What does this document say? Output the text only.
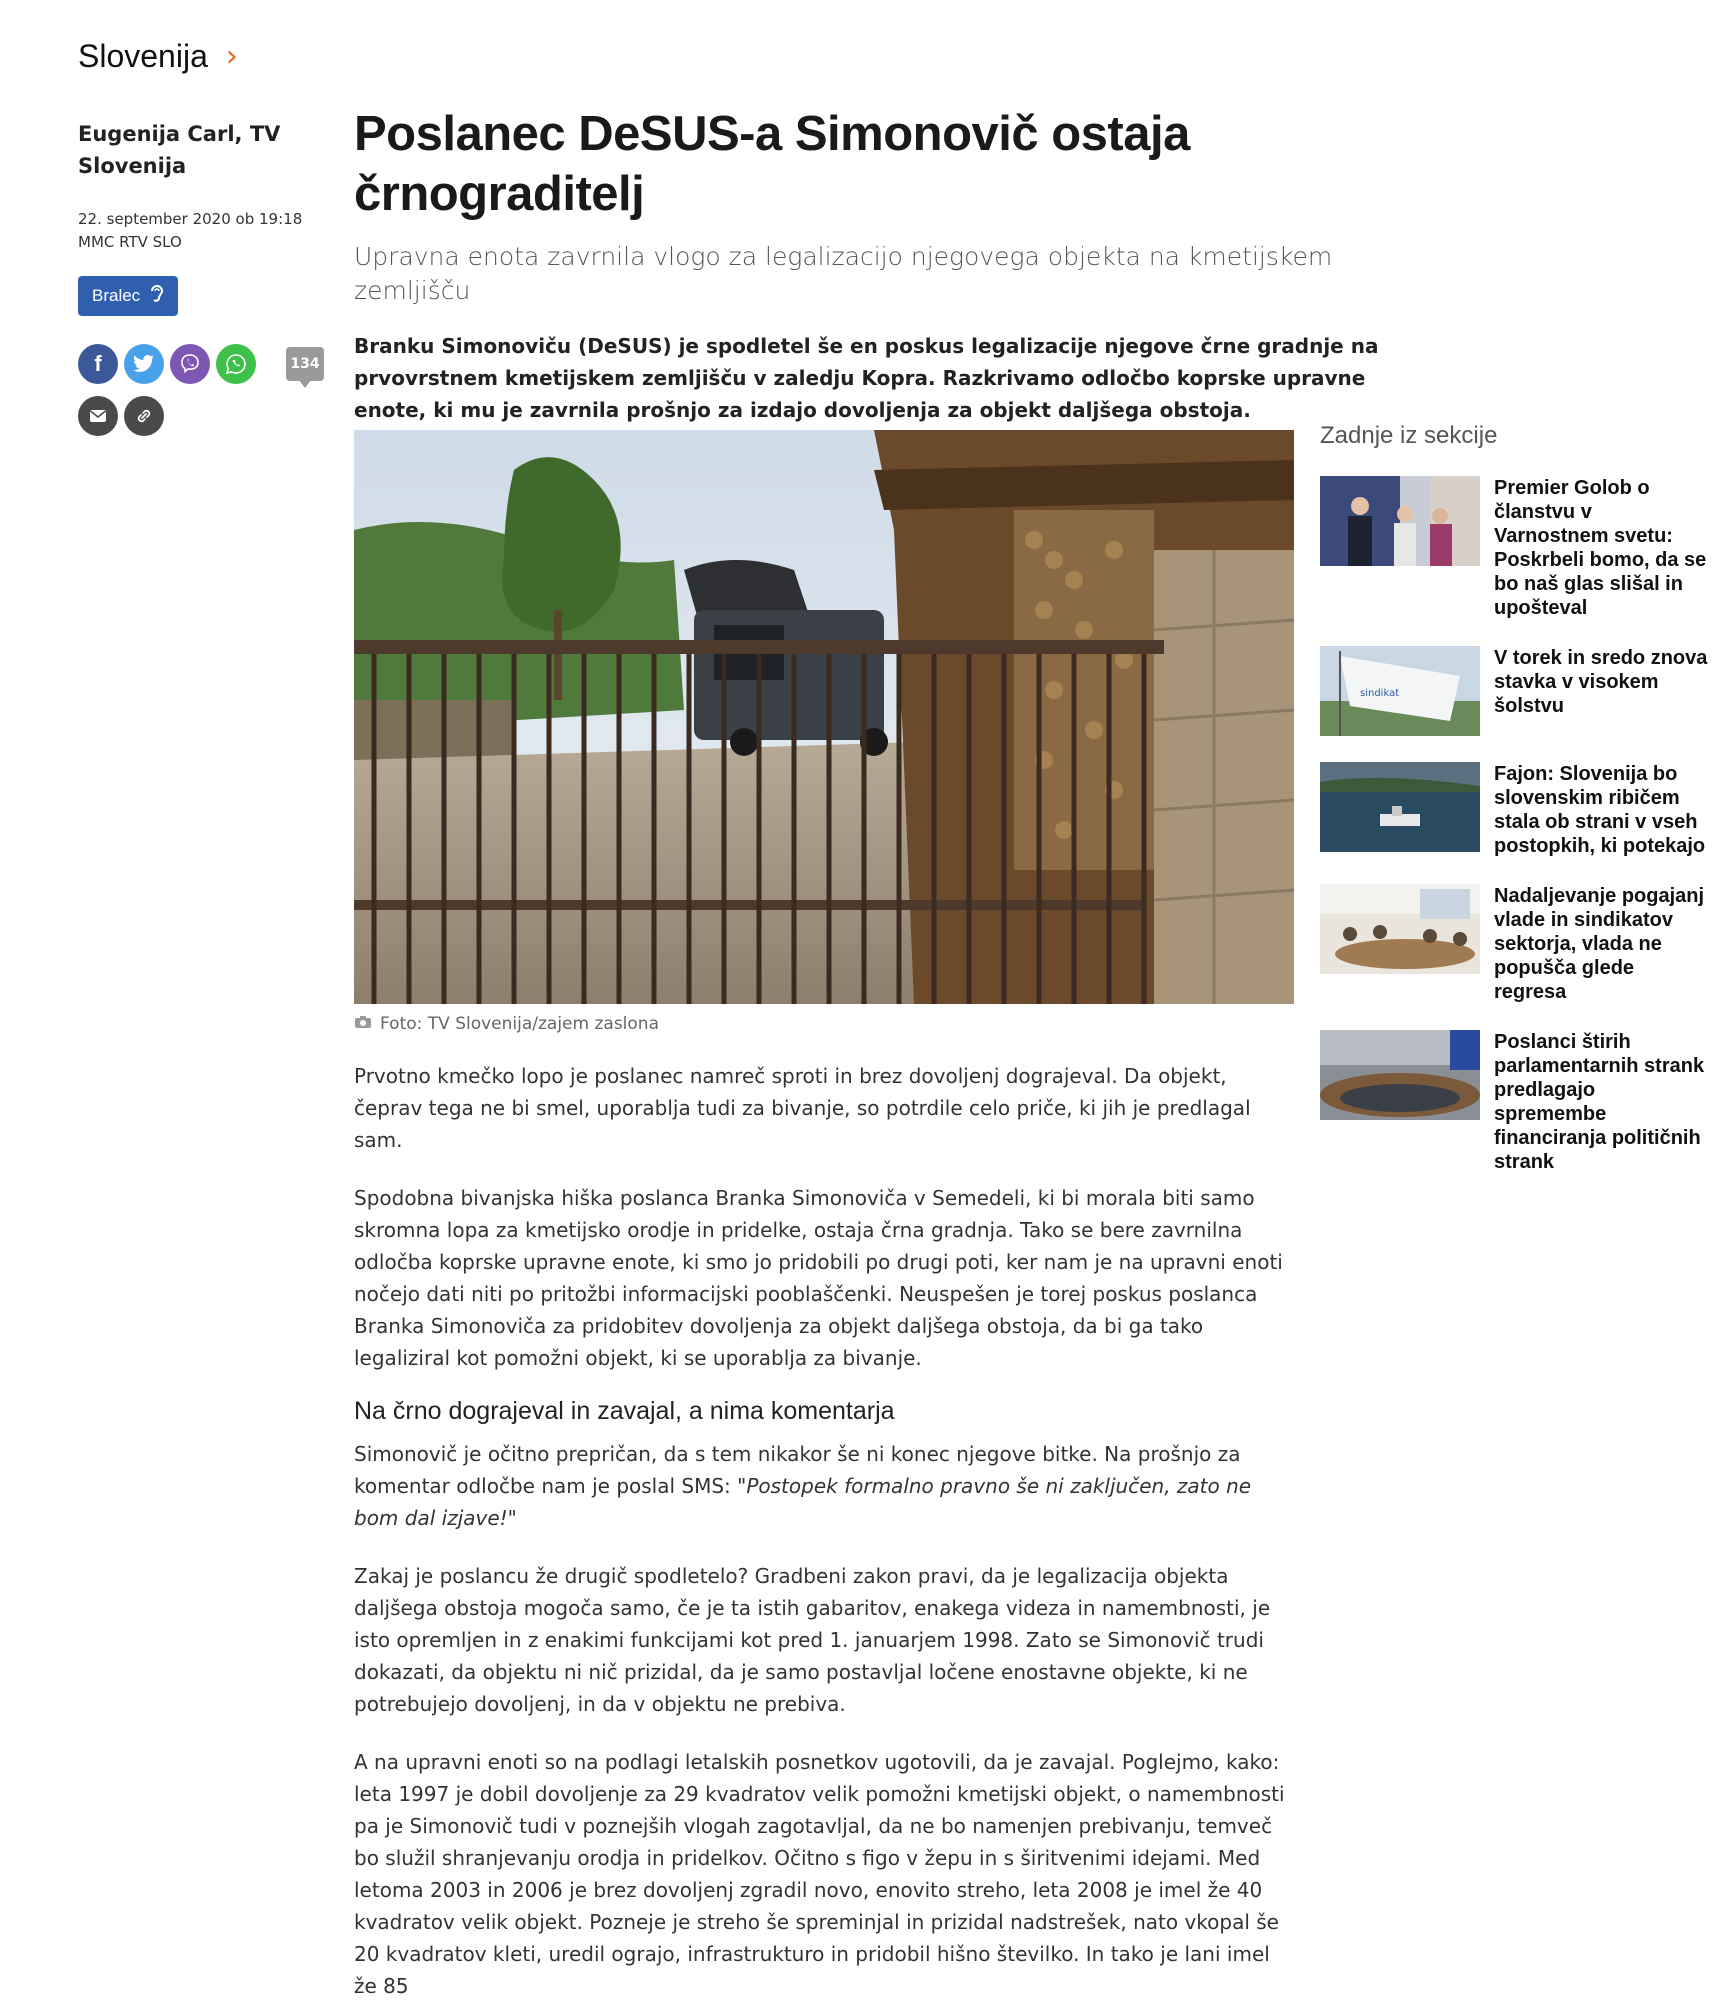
Slovenija ›
Eugenija Carl, TV Slovenija
22. september 2020 ob 19:18
MMC RTV SLO
Bralec
f	134
Poslanec DeSUS-a Simonovič ostaja črnograditelj
Upravna enota zavrnila vlogo za legalizacijo njegovega objekta na kmetijskem zemljišču
Branku Simonoviču (DeSUS) je spodletel še en poskus legalizacije njegove črne gradnje na prvovrstnem kmetijskem zemljišču v zaledju Kopra. Razkrivamo odločbo koprske upravne enote, ki mu je zavrnila prošnjo za izdajo dovoljenja za objekt daljšega obstoja.
Foto: TV Slovenija/zajem zaslona

Prvotno kmečko lopo je poslanec namreč sproti in brez dovoljenj dograjeval. Da objekt, čeprav tega ne bi smel, uporablja tudi za bivanje, so potrdile celo priče, ki jih je predlagal sam.

Spodobna bivanjska hiška poslanca Branka Simonoviča v Semedeli, ki bi morala biti samo skromna lopa za kmetijsko orodje in pridelke, ostaja črna gradnja. Tako se bere zavrnilna odločba koprske upravne enote, ki smo jo pridobili po drugi poti, ker nam je na upravni enoti nočejo dati niti po pritožbi informacijski pooblaščenki. Neuspešen je torej poskus poslanca Branka Simonoviča za pridobitev dovoljenja za objekt daljšega obstoja, da bi ga tako legaliziral kot pomožni objekt, ki se uporablja za bivanje.

Na črno dograjeval in zavajal, a nima komentarja

Simonovič je očitno prepričan, da s tem nikakor še ni konec njegove bitke. Na prošnjo za komentar odločbe nam je poslal SMS: "Postopek formalno pravno še ni zaključen, zato ne bom dal izjave!"

Zakaj je poslancu že drugič spodletelo? Gradbeni zakon pravi, da je legalizacija objekta daljšega obstoja mogoča samo, če je ta istih gabaritov, enakega videza in namembnosti, je isto opremljen in z enakimi funkcijami kot pred 1. januarjem 1998. Zato se Simonovič trudi dokazati, da objektu ni nič prizidal, da je samo postavljal ločene enostavne objekte, ki ne potrebujejo dovoljenj, in da v objektu ne prebiva.

A na upravni enoti so na podlagi letalskih posnetkov ugotovili, da je zavajal. Poglejmo, kako: leta 1997 je dobil dovoljenje za 29 kvadratov velik pomožni kmetijski objekt, o namembnosti pa je Simonovič tudi v poznejših vlogah zagotavljal, da ne bo namenjen prebivanju, temveč bo služil shranjevanju orodja in pridelkov. Očitno s figo v žepu in s širitvenimi idejami. Med letoma 2003 in 2006 je brez dovoljenj zgradil novo, enovito streho, leta 2008 je imel že 40 kvadratov velik objekt. Pozneje je streho še spreminjal in prizidal nadstrešek, nato vkopal še 20 kvadratov kleti, uredil ograjo, infrastrukturo in pridobil hišno številko. In tako je lani imel že 85

Zadnje iz sekcije
Premier Golob o članstvu v Varnostnem svetu: Poskrbeli bomo, da se bo naš glas slišal in upošteval
sindikat
V torek in sredo znova stavka v visokem šolstvu
Fajon: Slovenija bo slovenskim ribičem stala ob strani v vseh postopkih, ki potekajo
Nadaljevanje pogajanj vlade in sindikatov sektorja, vlada ne popušča glede regresa
Poslanci štirih parlamentarnih strank predlagajo spremembe financiranja političnih strank
